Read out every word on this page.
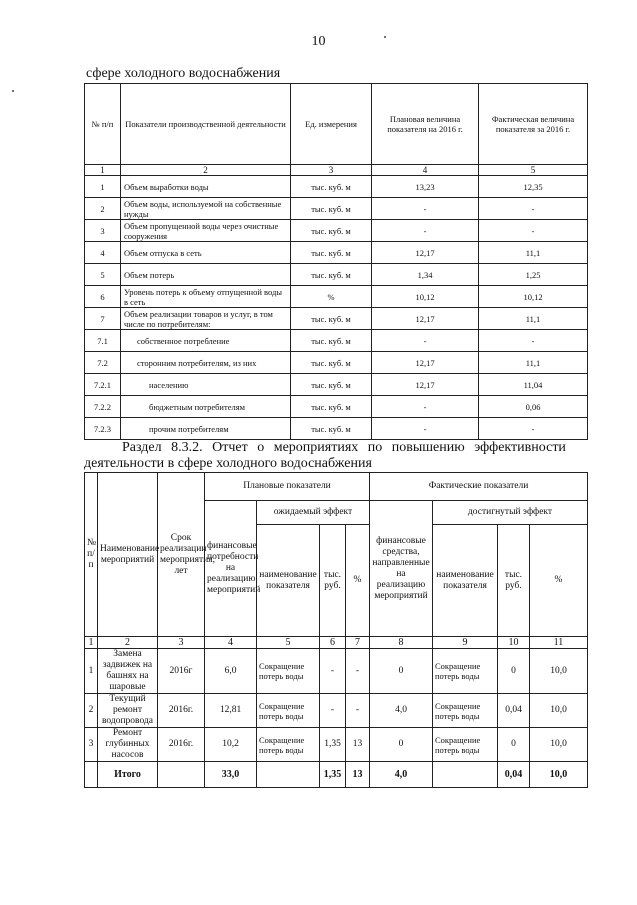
10
сфере холодного водоснабжения
№ п/п	Показатели производственной деятельности	Ед. измерения	Плановая величина показателя на 2016 г.	Фактическая величина показателя за 2016 г.
1	2	3	4	5
1	Объем выработки воды	тыс. куб. м	13,23	12,35
2	Объем воды, используемой на собственные нужды	тыс. куб. м	-	-
3	Объем пропущенной воды через очистные сооружения	тыс. куб. м	-	-
4	Объем отпуска в сеть	тыс. куб. м	12,17	11,1
5	Объем потерь	тыс. куб. м	1,34	1,25
6	Уровень потерь к объему отпущенной воды в сеть	%	10,12	10,12
7	Объем реализации товаров и услуг, в том числе по потребителям:	тыс. куб. м	12,17	11,1
7.1	собственное потребление	тыс. куб. м	-	-
7.2	сторонним потребителям, из них	тыс. куб. м	12,17	11,1
7.2.1	населению	тыс. куб. м	12,17	11,04
7.2.2	бюджетным потребителям	тыс. куб. м	-	0,06
7.2.3	прочим потребителям	тыс. куб. м	-	-
Раздел 8.3.2. Отчет о мероприятиях по повышению эффективности
деятельности в сфере холодного водоснабжения
№ п/п	Наименование мероприятий	Срок реализации мероприятия, лет	Плановые показатели				Фактические показатели			
			финансовые потребности на реализацию мероприятий	ожидаемый эффект			финансовые средства, направленные на реализацию мероприятий	достигнутый эффект		
				наименование показателя	тыс. руб.	%		наименование показателя	тыс. руб.	%
1	2	3	4	5	6	7	8	9	10	11
1	Замена задвижек на башнях на шаровые	2016г	6,0	Сокращение потерь воды	-	-	0	Сокращение потерь воды	0	10,0
2	Текущий ремонт водопровода	2016г.	12,81	Сокращение потерь воды	-	-	4,0	Сокращение потерь воды	0,04	10,0
3	Ремонт глубинных насосов	2016г.	10,2	Сокращение потерь воды	1,35	13	0	Сокращение потерь воды	0	10,0
	Итого		33,0		1,35	13	4,0		0,04	10,0
